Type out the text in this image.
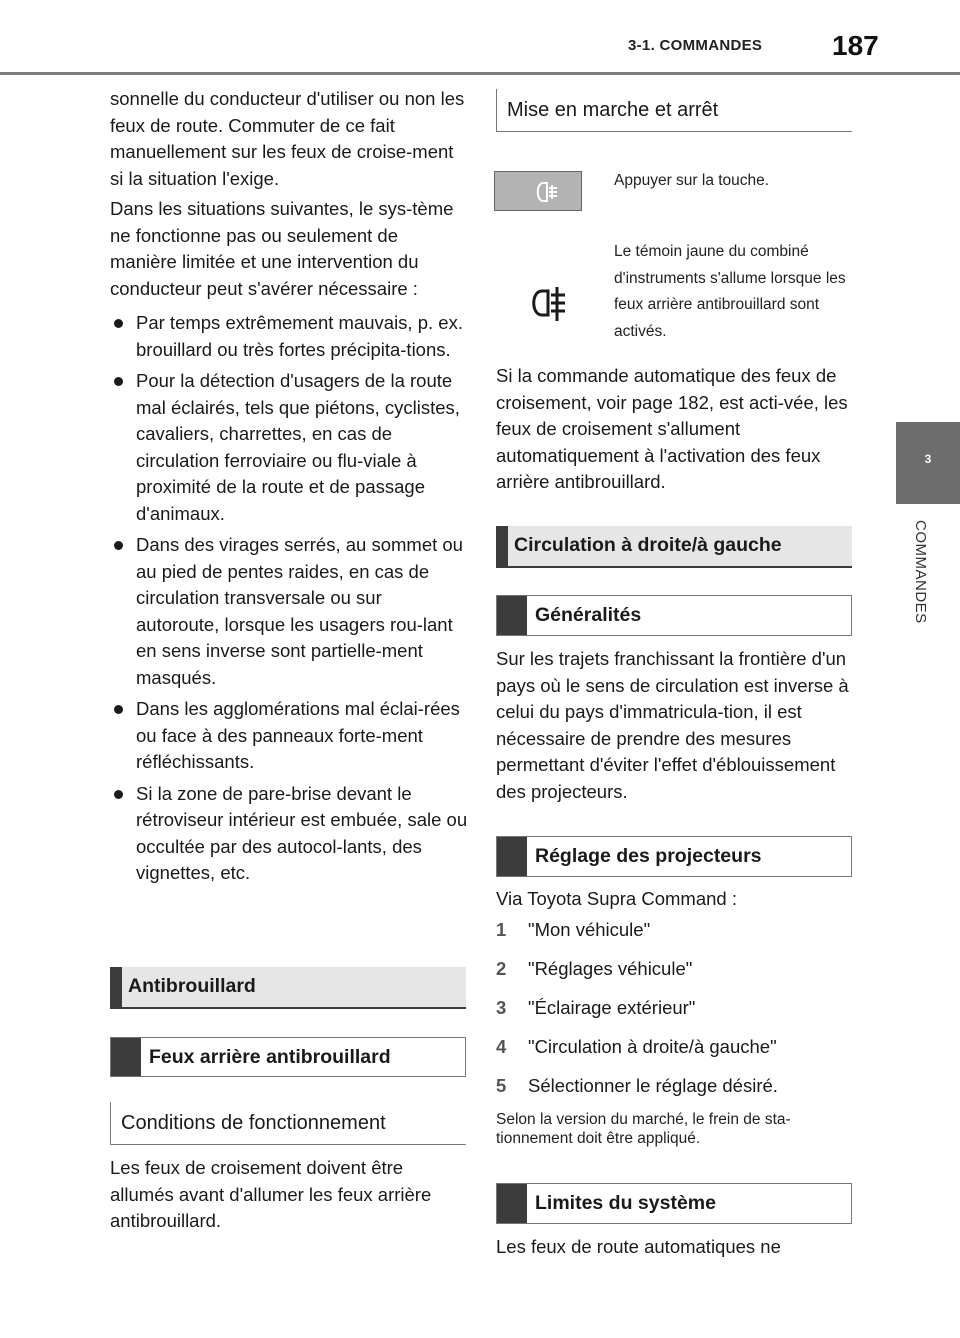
3-1. COMMANDES 187
3
COMMANDES

sonnelle du conducteur d'utiliser ou non les feux de route. Commuter de ce fait manuellement sur les feux de croise-ment si la situation l'exige.

Dans les situations suivantes, le sys-tème ne fonctionne pas ou seulement de manière limitée et une intervention du conducteur peut s'avérer nécessaire :

Par temps extrêmement mauvais, p. ex. brouillard ou très fortes précipita-tions.

Pour la détection d'usagers de la route mal éclairés, tels que piétons, cyclistes, cavaliers, charrettes, en cas de circulation ferroviaire ou flu-viale à proximité de la route et de passage d'animaux.

Dans des virages serrés, au sommet ou au pied de pentes raides, en cas de circulation transversale ou sur autoroute, lorsque les usagers rou-lant en sens inverse sont partielle-ment masqués.

Dans les agglomérations mal éclai-rées ou face à des panneaux forte-ment réfléchissants.

Si la zone de pare-brise devant le rétroviseur intérieur est embuée, sale ou occultée par des autocol-lants, des vignettes, etc.

Antibrouillard
Feux arrière antibrouillard
Conditions de fonctionnement

Les feux de croisement doivent être allumés avant d'allumer les feux arrière antibrouillard.

Mise en marche et arrêt
Appuyer sur la touche.
Le témoin jaune du combiné d'instruments s'allume lorsque les feux arrière antibrouillard sont activés.

Si la commande automatique des feux de croisement, voir page 182, est acti-vée, les feux de croisement s'allument automatiquement à l'activation des feux arrière antibrouillard.

Circulation à droite/à gauche
Généralités

Sur les trajets franchissant la frontière d'un pays où le sens de circulation est inverse à celui du pays d'immatricula-tion, il est nécessaire de prendre des mesures permettant d'éviter l'effet d'éblouissement des projecteurs.

Réglage des projecteurs

Via Toyota Supra Command :

1 "Mon véhicule"
2 "Réglages véhicule"
3 "Éclairage extérieur"
4 "Circulation à droite/à gauche"
5 Sélectionner le réglage désiré.

Selon la version du marché, le frein de sta-tionnement doit être appliqué.

Limites du système

Les feux de route automatiques ne
